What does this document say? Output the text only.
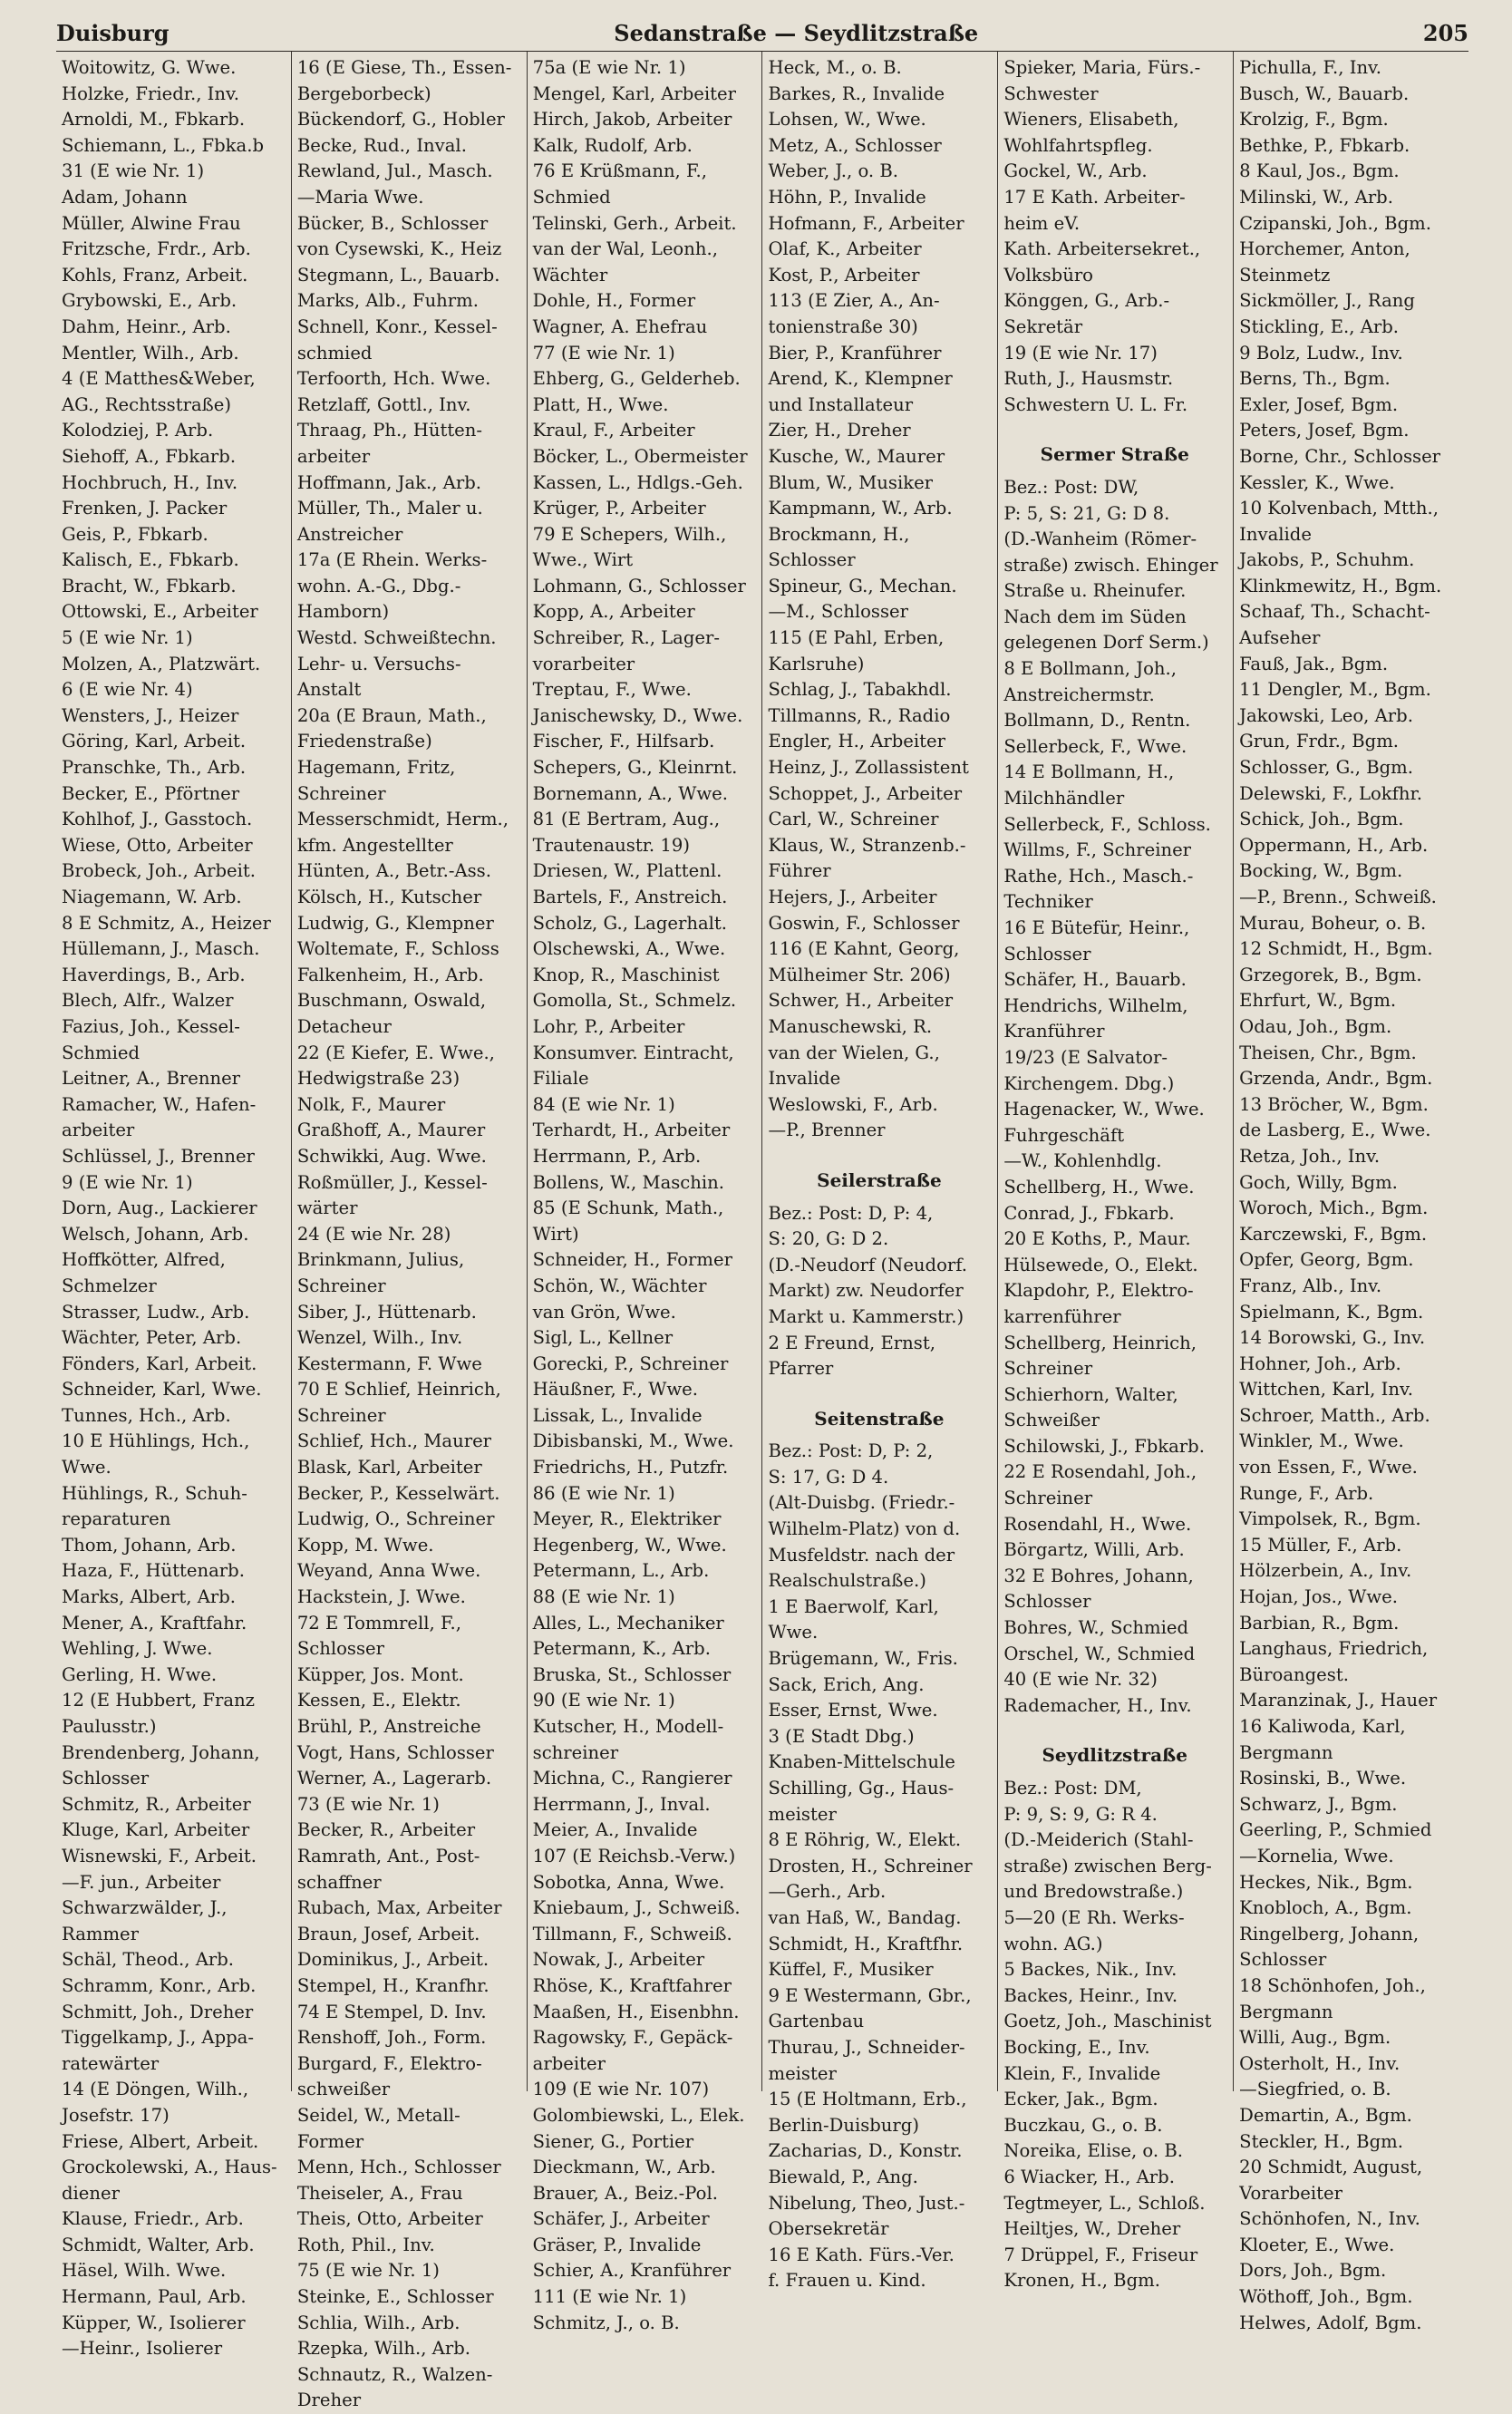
Duisburg	Sedanstraße — Seydlitzstraße	205
Woitowitz, G. Wwe.
Holzke, Friedr., Inv.
Arnoldi, M., Fbkarb.
Schiemann, L., Fbka.b
31 (E wie Nr. 1)
Adam, Johann
Müller, Alwine Frau
Fritzsche, Frdr., Arb.
Kohls, Franz, Arbeit.
Grybowski, E., Arb.
Dahm, Heinr., Arb.
Mentler, Wilh., Arb.
4 (E Matthes&Weber,
AG., Rechtsstraße)
Kolodziej, P. Arb.
Siehoff, A., Fbkarb.
Hochbruch, H., Inv.
Frenken, J. Packer
Geis, P., Fbkarb.
Kalisch, E., Fbkarb.
Bracht, W., Fbkarb.
Ottowski, E., Arbeiter
5 (E wie Nr. 1)
Molzen, A., Platzwärt.
6 (E wie Nr. 4)
Wensters, J., Heizer
Göring, Karl, Arbeit.
Pranschke, Th., Arb.
Becker, E., Pförtner
Kohlhof, J., Gasstoch.
Wiese, Otto, Arbeiter
Brobeck, Joh., Arbeit.
Niagemann, W. Arb.
8 E Schmitz, A., Heizer
Hüllemann, J., Masch.
Haverdings, B., Arb.
Blech, Alfr., Walzer
Fazius, Joh., Kessel-
Schmied
Leitner, A., Brenner
Ramacher, W., Hafen-
arbeiter
Schlüssel, J., Brenner
9 (E wie Nr. 1)
Dorn, Aug., Lackierer
Welsch, Johann, Arb.
Hoffkötter, Alfred,
Schmelzer
Strasser, Ludw., Arb.
Wächter, Peter, Arb.
Fönders, Karl, Arbeit.
Schneider, Karl, Wwe.
Tunnes, Hch., Arb.
10 E Hühlings, Hch.,
Wwe.
Hühlings, R., Schuh-
reparaturen
Thom, Johann, Arb.
Haza, F., Hüttenarb.
Marks, Albert, Arb.
Mener, A., Kraftfahr.
Wehling, J. Wwe.
Gerling, H. Wwe.
12 (E Hubbert, Franz
Paulusstr.)
Brendenberg, Johann,
Schlosser
Schmitz, R., Arbeiter
Kluge, Karl, Arbeiter
Wisnewski, F., Arbeit.
—F. jun., Arbeiter
Schwarzwälder, J.,
Rammer
Schäl, Theod., Arb.
Schramm, Konr., Arb.
Schmitt, Joh., Dreher
Tiggelkamp, J., Appa-
ratewärter
14 (E Döngen, Wilh.,
Josefstr. 17)
Friese, Albert, Arbeit.
Grockolewski, A., Haus-
diener
Klause, Friedr., Arb.
Schmidt, Walter, Arb.
Häsel, Wilh. Wwe.
Hermann, Paul, Arb.
Küpper, W., Isolierer
—Heinr., Isolierer
16 (E Giese, Th., Essen-
Bergeborbeck)
Bückendorf, G., Hobler
Becke, Rud., Inval.
Rewland, Jul., Masch.
—Maria Wwe.
Bücker, B., Schlosser
von Cysewski, K., Heiz
Stegmann, L., Bauarb.
Marks, Alb., Fuhrm.
Schnell, Konr., Kessel-
schmied
Terfoorth, Hch. Wwe.
Retzlaff, Gottl., Inv.
Thraag, Ph., Hütten-
arbeiter
Hoffmann, Jak., Arb.
Müller, Th., Maler u.
Anstreicher
17a (E Rhein. Werks-
wohn. A.-G., Dbg.-
Hamborn)
Westd. Schweißtechn.
Lehr- u. Versuchs-
Anstalt
20a (E Braun, Math.,
Friedenstraße)
Hagemann, Fritz,
Schreiner
Messerschmidt, Herm.,
kfm. Angestellter
Hünten, A., Betr.-Ass.
Kölsch, H., Kutscher
Ludwig, G., Klempner
Woltemate, F., Schloss
Falkenheim, H., Arb.
Buschmann, Oswald,
Detacheur
22 (E Kiefer, E. Wwe.,
Hedwigstraße 23)
Nolk, F., Maurer
Graßhoff, A., Maurer
Schwikki, Aug. Wwe.
Roßmüller, J., Kessel-
wärter
24 (E wie Nr. 28)
Brinkmann, Julius,
Schreiner
Siber, J., Hüttenarb.
Wenzel, Wilh., Inv.
Kestermann, F. Wwe
70 E Schlief, Heinrich,
Schreiner
Schlief, Hch., Maurer
Blask, Karl, Arbeiter
Becker, P., Kesselwärt.
Ludwig, O., Schreiner
Kopp, M. Wwe.
Weyand, Anna Wwe.
Hackstein, J. Wwe.
72 E Tommrell, F.,
Schlosser
Küpper, Jos. Mont.
Kessen, E., Elektr.
Brühl, P., Anstreiche
Vogt, Hans, Schlosser
Werner, A., Lagerarb.
73 (E wie Nr. 1)
Becker, R., Arbeiter
Ramrath, Ant., Post-
schaffner
Rubach, Max, Arbeiter
Braun, Josef, Arbeit.
Dominikus, J., Arbeit.
Stempel, H., Kranfhr.
74 E Stempel, D. Inv.
Renshoff, Joh., Form.
Burgard, F., Elektro-
schweißer
Seidel, W., Metall-
Former
Menn, Hch., Schlosser
Theiseler, A., Frau
Theis, Otto, Arbeiter
Roth, Phil., Inv.
75 (E wie Nr. 1)
Steinke, E., Schlosser
Schlia, Wilh., Arb.
Rzepka, Wilh., Arb.
Schnautz, R., Walzen-
Dreher
75a (E wie Nr. 1)
Mengel, Karl, Arbeiter
Hirch, Jakob, Arbeiter
Kalk, Rudolf, Arb.
76 E Krüßmann, F.,
Schmied
Telinski, Gerh., Arbeit.
van der Wal, Leonh.,
Wächter
Dohle, H., Former
Wagner, A. Ehefrau
77 (E wie Nr. 1)
Ehberg, G., Gelderheb.
Platt, H., Wwe.
Kraul, F., Arbeiter
Böcker, L., Obermeister
Kassen, L., Hdlgs.-Geh.
Krüger, P., Arbeiter
79 E Schepers, Wilh.,
Wwe., Wirt
Lohmann, G., Schlosser
Kopp, A., Arbeiter
Schreiber, R., Lager-
vorarbeiter
Treptau, F., Wwe.
Janischewsky, D., Wwe.
Fischer, F., Hilfsarb.
Schepers, G., Kleinrnt.
Bornemann, A., Wwe.
81 (E Bertram, Aug.,
Trautenaustr. 19)
Driesen, W., Plattenl.
Bartels, F., Anstreich.
Scholz, G., Lagerhalt.
Olschewski, A., Wwe.
Knop, R., Maschinist
Gomolla, St., Schmelz.
Lohr, P., Arbeiter
Konsumver. Eintracht,
Filiale
84 (E wie Nr. 1)
Terhardt, H., Arbeiter
Herrmann, P., Arb.
Bollens, W., Maschin.
85 (E Schunk, Math.,
Wirt)
Schneider, H., Former
Schön, W., Wächter
van Grön, Wwe.
Sigl, L., Kellner
Gorecki, P., Schreiner
Häußner, F., Wwe.
Lissak, L., Invalide
Dibisbanski, M., Wwe.
Friedrichs, H., Putzfr.
86 (E wie Nr. 1)
Meyer, R., Elektriker
Hegenberg, W., Wwe.
Petermann, L., Arb.
88 (E wie Nr. 1)
Alles, L., Mechaniker
Petermann, K., Arb.
Bruska, St., Schlosser
90 (E wie Nr. 1)
Kutscher, H., Modell-
schreiner
Michna, C., Rangierer
Herrmann, J., Inval.
Meier, A., Invalide
107 (E Reichsb.-Verw.)
Sobotka, Anna, Wwe.
Kniebaum, J., Schweiß.
Tillmann, F., Schweiß.
Nowak, J., Arbeiter
Rhöse, K., Kraftfahrer
Maaßen, H., Eisenbhn.
Ragowsky, F., Gepäck-
arbeiter
109 (E wie Nr. 107)
Golombiewski, L., Elek.
Siener, G., Portier
Dieckmann, W., Arb.
Brauer, A., Beiz.-Pol.
Schäfer, J., Arbeiter
Gräser, P., Invalide
Schier, A., Kranführer
111 (E wie Nr. 1)
Schmitz, J., o. B.
Heck, M., o. B.
Barkes, R., Invalide
Lohsen, W., Wwe.
Metz, A., Schlosser
Weber, J., o. B.
Höhn, P., Invalide
Hofmann, F., Arbeiter
Olaf, K., Arbeiter
Kost, P., Arbeiter
113 (E Zier, A., An-
tonienstraße 30)
Bier, P., Kranführer
Arend, K., Klempner
und Installateur
Zier, H., Dreher
Kusche, W., Maurer
Blum, W., Musiker
Kampmann, W., Arb.
Brockmann, H.,
Schlosser
Spineur, G., Mechan.
—M., Schlosser
115 (E Pahl, Erben,
Karlsruhe)
Schlag, J., Tabakhdl.
Tillmanns, R., Radio
Engler, H., Arbeiter
Heinz, J., Zollassistent
Schoppet, J., Arbeiter
Carl, W., Schreiner
Klaus, W., Stranzenb.-
Führer
Hejers, J., Arbeiter
Goswin, F., Schlosser
116 (E Kahnt, Georg,
Mülheimer Str. 206)
Schwer, H., Arbeiter
Manuschewski, R.
van der Wielen, G.,
Invalide
Weslowski, F., Arb.
—P., Brenner
Seilerstraße
Bez.: Post: D, P: 4,
S: 20, G: D 2.
(D.-Neudorf (Neudorf.
Markt) zw. Neudorfer
Markt u. Kammerstr.)
2 E Freund, Ernst,
Pfarrer
Seitenstraße
Bez.: Post: D, P: 2,
S: 17, G: D 4.
(Alt-Duisbg. (Friedr.-
Wilhelm-Platz) von d.
Musfeldstr. nach der
Realschulstraße.)
1 E Baerwolf, Karl,
Wwe.
Brügemann, W., Fris.
Sack, Erich, Ang.
Esser, Ernst, Wwe.
3 (E Stadt Dbg.)
Knaben-Mittelschule
Schilling, Gg., Haus-
meister
8 E Röhrig, W., Elekt.
Drosten, H., Schreiner
—Gerh., Arb.
van Haß, W., Bandag.
Schmidt, H., Kraftfhr.
Küffel, F., Musiker
9 E Westermann, Gbr.,
Gartenbau
Thurau, J., Schneider-
meister
15 (E Holtmann, Erb.,
Berlin-Duisburg)
Zacharias, D., Konstr.
Biewald, P., Ang.
Nibelung, Theo, Just.-
Obersekretär
16 E Kath. Fürs.-Ver.
f. Frauen u. Kind.
Spieker, Maria, Fürs.-
Schwester
Wieners, Elisabeth,
Wohlfahrtspfleg.
Gockel, W., Arb.
17 E Kath. Arbeiter-
heim eV.
Kath. Arbeitersekret.,
Volksbüro
Könggen, G., Arb.-
Sekretär
19 (E wie Nr. 17)
Ruth, J., Hausmstr.
Schwestern U. L. Fr.
Sermer Straße
Bez.: Post: DW,
P: 5, S: 21, G: D 8.
(D.-Wanheim (Römer-
straße) zwisch. Ehinger
Straße u. Rheinufer.
Nach dem im Süden
gelegenen Dorf Serm.)
8 E Bollmann, Joh.,
Anstreichermstr.
Bollmann, D., Rentn.
Sellerbeck, F., Wwe.
14 E Bollmann, H.,
Milchhändler
Sellerbeck, F., Schloss.
Willms, F., Schreiner
Rathe, Hch., Masch.-
Techniker
16 E Bütefür, Heinr.,
Schlosser
Schäfer, H., Bauarb.
Hendrichs, Wilhelm,
Kranführer
19/23 (E Salvator-
Kirchengem. Dbg.)
Hagenacker, W., Wwe.
Fuhrgeschäft
—W., Kohlenhdlg.
Schellberg, H., Wwe.
Conrad, J., Fbkarb.
20 E Koths, P., Maur.
Hülsewede, O., Elekt.
Klapdohr, P., Elektro-
karrenführer
Schellberg, Heinrich,
Schreiner
Schierhorn, Walter,
Schweißer
Schilowski, J., Fbkarb.
22 E Rosendahl, Joh.,
Schreiner
Rosendahl, H., Wwe.
Börgartz, Willi, Arb.
32 E Bohres, Johann,
Schlosser
Bohres, W., Schmied
Orschel, W., Schmied
40 (E wie Nr. 32)
Rademacher, H., Inv.
Seydlitzstraße
Bez.: Post: DM,
P: 9, S: 9, G: R 4.
(D.-Meiderich (Stahl-
straße) zwischen Berg-
und Bredowstraße.)
5—20 (E Rh. Werks-
wohn. AG.)
5 Backes, Nik., Inv.
Backes, Heinr., Inv.
Goetz, Joh., Maschinist
Bocking, E., Inv.
Klein, F., Invalide
Ecker, Jak., Bgm.
Buczkau, G., o. B.
Noreika, Elise, o. B.
6 Wiacker, H., Arb.
Tegtmeyer, L., Schloß.
Heiltjes, W., Dreher
7 Drüppel, F., Friseur
Kronen, H., Bgm.
Pichulla, F., Inv.
Busch, W., Bauarb.
Krolzig, F., Bgm.
Bethke, P., Fbkarb.
8 Kaul, Jos., Bgm.
Milinski, W., Arb.
Czipanski, Joh., Bgm.
Horchemer, Anton,
Steinmetz
Sickmöller, J., Rang
Stickling, E., Arb.
9 Bolz, Ludw., Inv.
Berns, Th., Bgm.
Exler, Josef, Bgm.
Peters, Josef, Bgm.
Borne, Chr., Schlosser
Kessler, K., Wwe.
10 Kolvenbach, Mtth.,
Invalide
Jakobs, P., Schuhm.
Klinkmewitz, H., Bgm.
Schaaf, Th., Schacht-
Aufseher
Fauß, Jak., Bgm.
11 Dengler, M., Bgm.
Jakowski, Leo, Arb.
Grun, Frdr., Bgm.
Schlosser, G., Bgm.
Delewski, F., Lokfhr.
Schick, Joh., Bgm.
Oppermann, H., Arb.
Bocking, W., Bgm.
—P., Brenn., Schweiß.
Murau, Boheur, o. B.
12 Schmidt, H., Bgm.
Grzegorek, B., Bgm.
Ehrfurt, W., Bgm.
Odau, Joh., Bgm.
Theisen, Chr., Bgm.
Grzenda, Andr., Bgm.
13 Bröcher, W., Bgm.
de Lasberg, E., Wwe.
Retza, Joh., Inv.
Goch, Willy, Bgm.
Woroch, Mich., Bgm.
Karczewski, F., Bgm.
Opfer, Georg, Bgm.
Franz, Alb., Inv.
Spielmann, K., Bgm.
14 Borowski, G., Inv.
Hohner, Joh., Arb.
Wittchen, Karl, Inv.
Schroer, Matth., Arb.
Winkler, M., Wwe.
von Essen, F., Wwe.
Runge, F., Arb.
Vimpolsek, R., Bgm.
15 Müller, F., Arb.
Hölzerbein, A., Inv.
Hojan, Jos., Wwe.
Barbian, R., Bgm.
Langhaus, Friedrich,
Büroangest.
Maranzinak, J., Hauer
16 Kaliwoda, Karl,
Bergmann
Rosinski, B., Wwe.
Schwarz, J., Bgm.
Geerling, P., Schmied
—Kornelia, Wwe.
Heckes, Nik., Bgm.
Knobloch, A., Bgm.
Ringelberg, Johann,
Schlosser
18 Schönhofen, Joh.,
Bergmann
Willi, Aug., Bgm.
Osterholt, H., Inv.
—Siegfried, o. B.
Demartin, A., Bgm.
Steckler, H., Bgm.
20 Schmidt, August,
Vorarbeiter
Schönhofen, N., Inv.
Kloeter, E., Wwe.
Dors, Joh., Bgm.
Wöthoff, Joh., Bgm.
Helwes, Adolf, Bgm.
